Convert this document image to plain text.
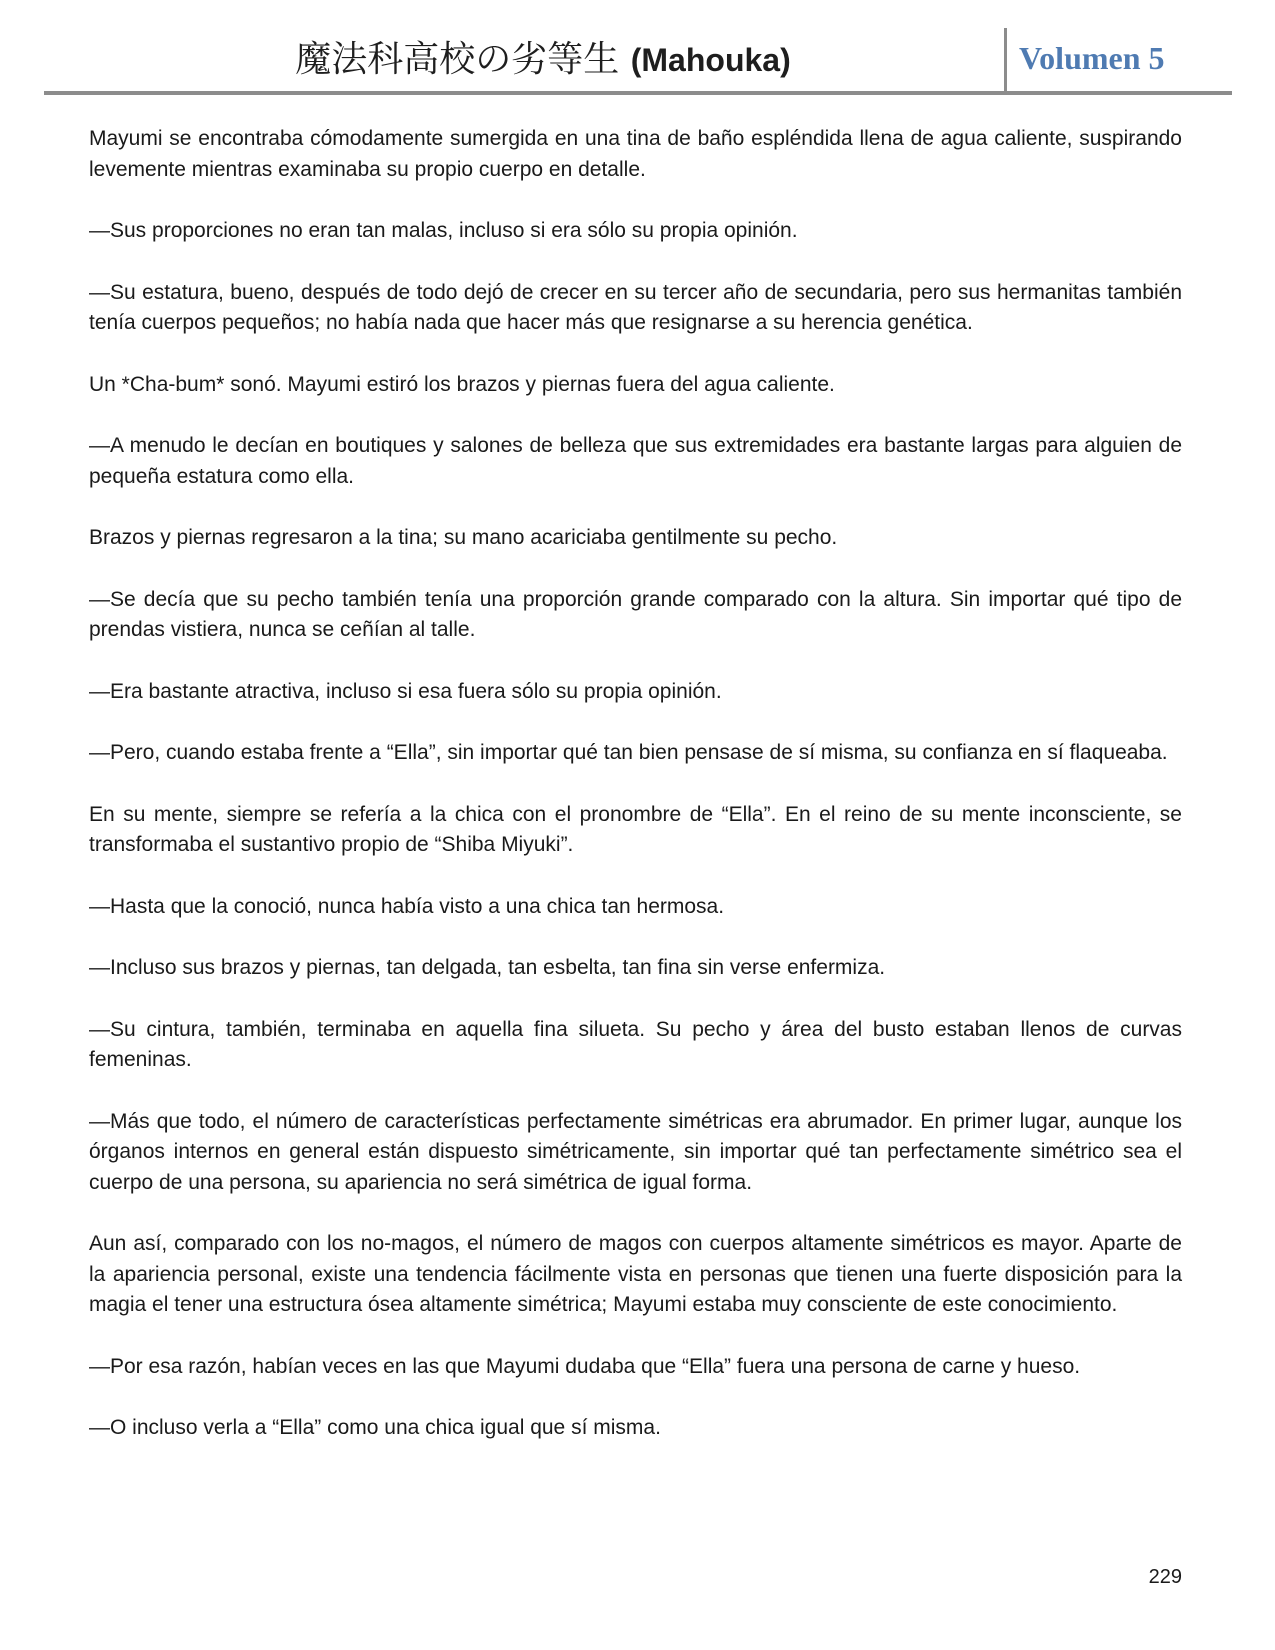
魔法科高校の劣等生 (Mahouka)	Volumen 5

Mayumi se encontraba cómodamente sumergida en una tina de baño espléndida llena de agua caliente, suspirando levemente mientras examinaba su propio cuerpo en detalle.

—Sus proporciones no eran tan malas, incluso si era sólo su propia opinión.

—Su estatura, bueno, después de todo dejó de crecer en su tercer año de secundaria, pero sus hermanitas también tenía cuerpos pequeños; no había nada que hacer más que resignarse a su herencia genética.

Un *Cha-bum* sonó. Mayumi estiró los brazos y piernas fuera del agua caliente.

—A menudo le decían en boutiques y salones de belleza que sus extremidades era bastante largas para alguien de pequeña estatura como ella.

Brazos y piernas regresaron a la tina; su mano acariciaba gentilmente su pecho.

—Se decía que su pecho también tenía una proporción grande comparado con la altura. Sin importar qué tipo de prendas vistiera, nunca se ceñían al talle.

—Era bastante atractiva, incluso si esa fuera sólo su propia opinión.

—Pero, cuando estaba frente a “Ella”, sin importar qué tan bien pensase de sí misma, su confianza en sí flaqueaba.

En su mente, siempre se refería a la chica con el pronombre de “Ella”. En el reino de su mente inconsciente, se transformaba el sustantivo propio de “Shiba Miyuki”.

—Hasta que la conoció, nunca había visto a una chica tan hermosa.

—Incluso sus brazos y piernas, tan delgada, tan esbelta, tan fina sin verse enfermiza.

—Su cintura, también, terminaba en aquella fina silueta. Su pecho y área del busto estaban llenos de curvas femeninas.

—Más que todo, el número de características perfectamente simétricas era abrumador. En primer lugar, aunque los órganos internos en general están dispuesto simétricamente, sin importar qué tan perfectamente simétrico sea el cuerpo de una persona, su apariencia no será simétrica de igual forma.

Aun así, comparado con los no-magos, el número de magos con cuerpos altamente simétricos es mayor. Aparte de la apariencia personal, existe una tendencia fácilmente vista en personas que tienen una fuerte disposición para la magia el tener una estructura ósea altamente simétrica; Mayumi estaba muy consciente de este conocimiento.

—Por esa razón, habían veces en las que Mayumi dudaba que “Ella” fuera una persona de carne y hueso.

—O incluso verla a “Ella” como una chica igual que sí misma.

229
